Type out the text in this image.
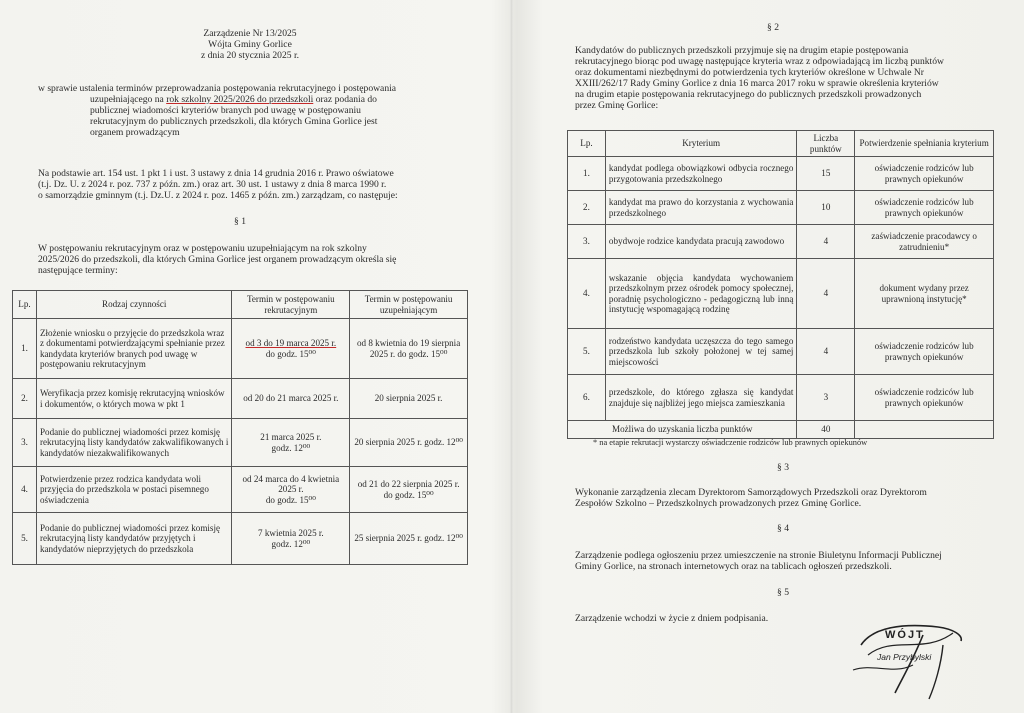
Zarządzenie Nr 13/2025
Wójta Gminy Gorlice
z dnia 20 stycznia 2025 r.
w sprawie ustalenia terminów przeprowadzania postępowania rekrutacyjnego i postępowania
uzupełniającego na rok szkolny 2025/2026 do przedszkoli oraz podania do
publicznej wiadomości kryteriów branych pod uwagę w postępowaniu
rekrutacyjnym do publicznych przedszkoli, dla których Gmina Gorlice jest
organem prowadzącym
Na podstawie art. 154 ust. 1 pkt 1 i ust. 3 ustawy z dnia 14 grudnia 2016 r. Prawo oświatowe
(t.j. Dz. U. z 2024 r. poz. 737 z późn. zm.) oraz art. 30 ust. 1 ustawy z dnia 8 marca 1990 r.
o samorządzie gminnym (t.j. Dz.U. z 2024 r. poz. 1465 z późn. zm.) zarządzam, co następuje:
§ 1
W postępowaniu rekrutacyjnym oraz w postępowaniu uzupełniającym na rok szkolny
2025/2026 do przedszkoli, dla których Gmina Gorlice jest organem prowadzącym określa się
następujące terminy:
Lp.	Rodzaj czynności	Termin w postępowaniu rekrutacyjnym	Termin w postępowaniu uzupełniającym
1.	Złożenie wniosku o przyjęcie do przedszkola wraz z dokumentami potwierdzającymi spełnianie przez kandydata kryteriów branych pod uwagę w postępowaniu rekrutacyjnym	od 3 do 19 marca 2025 r.
do godz. 15⁰⁰	od 8 kwietnia do 19 sierpnia 2025 r. do godz. 15⁰⁰
2.	Weryfikacja przez komisję rekrutacyjną wniosków i dokumentów, o których mowa w pkt 1	od 20 do 21 marca 2025 r.	20 sierpnia 2025 r.
3.	Podanie do publicznej wiadomości przez komisję rekrutacyjną listy kandydatów zakwalifikowanych i kandydatów niezakwalifikowanych	21 marca 2025 r.
godz. 12⁰⁰	20 sierpnia 2025 r. godz. 12⁰⁰
4.	Potwierdzenie przez rodzica kandydata woli przyjęcia do przedszkola w postaci pisemnego oświadczenia	od 24 marca do 4 kwietnia 2025 r.
do godz. 15⁰⁰	od 21 do 22 sierpnia 2025 r. do godz. 15⁰⁰
5.	Podanie do publicznej wiadomości przez komisję rekrutacyjną listy kandydatów przyjętych i kandydatów nieprzyjętych do przedszkola	7 kwietnia 2025 r.
godz. 12⁰⁰	25 sierpnia 2025 r. godz. 12⁰⁰
§ 2
Kandydatów do publicznych przedszkoli przyjmuje się na drugim etapie postępowania
rekrutacyjnego biorąc pod uwagę następujące kryteria wraz z odpowiadającą im liczbą punktów
oraz dokumentami niezbędnymi do potwierdzenia tych kryteriów określone w Uchwale Nr
XXIII/262/17 Rady Gminy Gorlice z dnia 16 marca 2017 roku w sprawie określenia kryteriów
na drugim etapie postępowania rekrutacyjnego do publicznych przedszkoli prowadzonych
przez Gminę Gorlice:
Lp.	Kryterium	Liczba punktów	Potwierdzenie spełniania kryterium
1.	kandydat podlega obowiązkowi odbycia rocznego przygotowania przedszkolnego	15	oświadczenie rodziców lub prawnych opiekunów
2.	kandydat ma prawo do korzystania z wychowania przedszkolnego	10	oświadczenie rodziców lub prawnych opiekunów
3.	obydwoje rodzice kandydata pracują zawodowo	4	zaświadczenie pracodawcy o zatrudnieniu*
4.	wskazanie objęcia kandydata wychowaniem przedszkolnym przez ośrodek pomocy społecznej, poradnię psychologiczno - pedagogiczną lub inną instytucję wspomagającą rodzinę	4	dokument wydany przez uprawnioną instytucję*
5.	rodzeństwo kandydata uczęszcza do tego samego przedszkola lub szkoły położonej w tej samej miejscowości	4	oświadczenie rodziców lub prawnych opiekunów
6.	przedszkole, do którego zgłasza się kandydat znajduje się najbliżej jego miejsca zamieszkania	3	oświadczenie rodziców lub prawnych opiekunów
Możliwa do uzyskania liczba punktów		40	
* na etapie rekrutacji wystarczy oświadczenie rodziców lub prawnych opiekunów
§ 3
Wykonanie zarządzenia zlecam Dyrektorom Samorządowych Przedszkoli oraz Dyrektorom
Zespołów Szkolno – Przedszkolnych prowadzonych przez Gminę Gorlice.
§ 4
Zarządzenie podlega ogłoszeniu przez umieszczenie na stronie Biuletynu Informacji Publicznej
Gminy Gorlice, na stronach internetowych oraz na tablicach ogłoszeń przedszkoli.
§ 5
Zarządzenie wchodzi w życie z dniem podpisania.
WÓJT
Jan Przybylski
